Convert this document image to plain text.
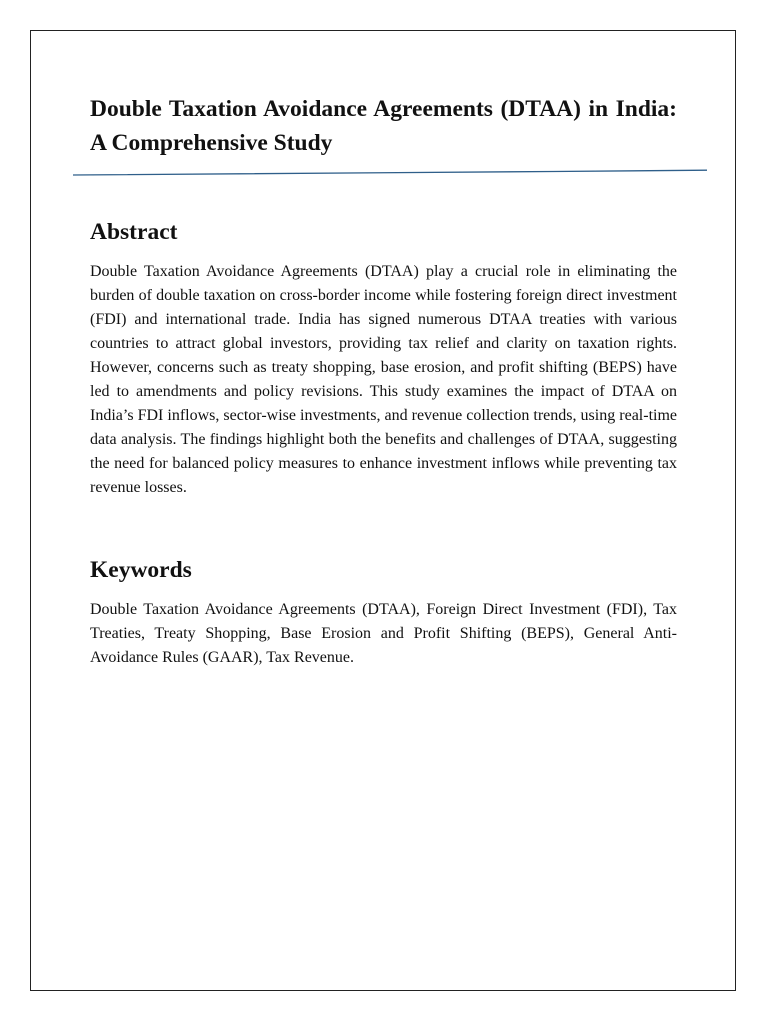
Double Taxation Avoidance Agreements (DTAA) in India: A Comprehensive Study
Abstract

Double Taxation Avoidance Agreements (DTAA) play a crucial role in eliminating the burden of double taxation on cross-border income while fostering foreign direct investment (FDI) and international trade. India has signed numerous DTAA treaties with various countries to attract global investors, providing tax relief and clarity on taxation rights. However, concerns such as treaty shopping, base erosion, and profit shifting (BEPS) have led to amendments and policy revisions. This study examines the impact of DTAA on India’s FDI inflows, sector-wise investments, and revenue collection trends, using real-time data analysis. The findings highlight both the benefits and challenges of DTAA, suggesting the need for balanced policy measures to enhance investment inflows while preventing tax revenue losses.

Keywords

Double Taxation Avoidance Agreements (DTAA), Foreign Direct Investment (FDI), Tax Treaties, Treaty Shopping, Base Erosion and Profit Shifting (BEPS), General Anti-Avoidance Rules (GAAR), Tax Revenue.
